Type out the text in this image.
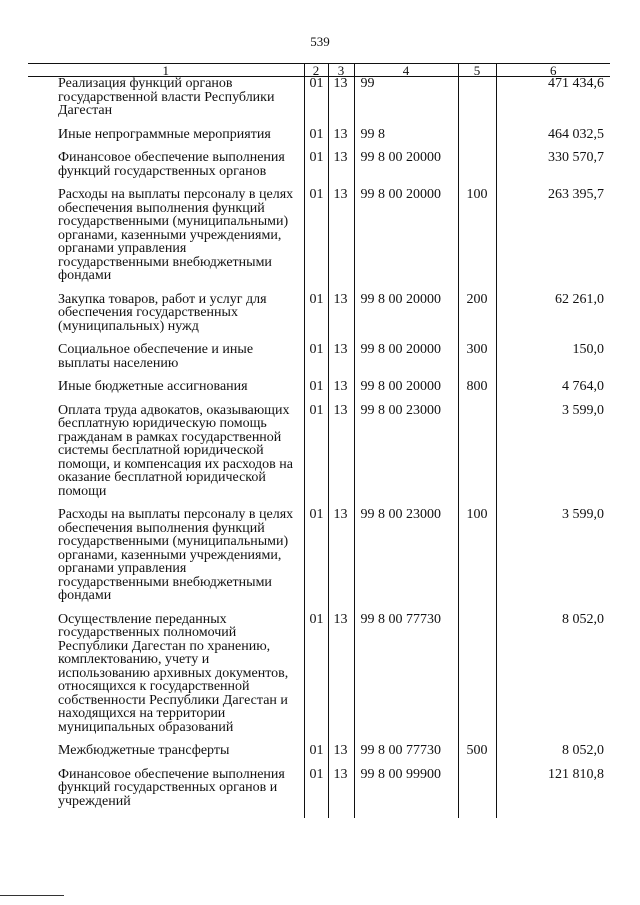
539
1	2	3	4	5	6
Реализация функций органов государственной власти Республики Дагестан	01	13	99		471 434,6

Иные непрограммные мероприятия	01	13	99 8		464 032,5

Финансовое обеспечение выполнения функций государственных органов	01	13	99 8 00 20000		330 570,7

Расходы на выплаты персоналу в целях обеспечения выполнения функций государственными (муниципальными) органами, казенными учреждениями, органами управления государственными внебюджетными фондами	01	13	99 8 00 20000	100	263 395,7

Закупка товаров, работ и услуг для обеспечения государственных (муниципальных) нужд	01	13	99 8 00 20000	200	62 261,0

Социальное обеспечение и иные выплаты населению	01	13	99 8 00 20000	300	150,0

Иные бюджетные ассигнования	01	13	99 8 00 20000	800	4 764,0

Оплата труда адвокатов, оказывающих бесплатную юридическую помощь гражданам в рамках государственной системы бесплатной юридической помощи, и компенсация их расходов на оказание бесплатной юридической помощи	01	13	99 8 00 23000		3 599,0

Расходы на выплаты персоналу в целях обеспечения выполнения функций государственными (муниципальными) органами, казенными учреждениями, органами управления государственными внебюджетными фондами	01	13	99 8 00 23000	100	3 599,0

Осуществление переданных государственных полномочий Республики Дагестан по хранению, комплектованию, учету и использованию архивных документов, относящихся к государственной собственности Республики Дагестан и находящихся на территории муниципальных образований	01	13	99 8 00 77730		8 052,0

Межбюджетные трансферты	01	13	99 8 00 77730	500	8 052,0

Финансовое обеспечение выполнения функций государственных органов и учреждений	01	13	99 8 00 99900		121 810,8
